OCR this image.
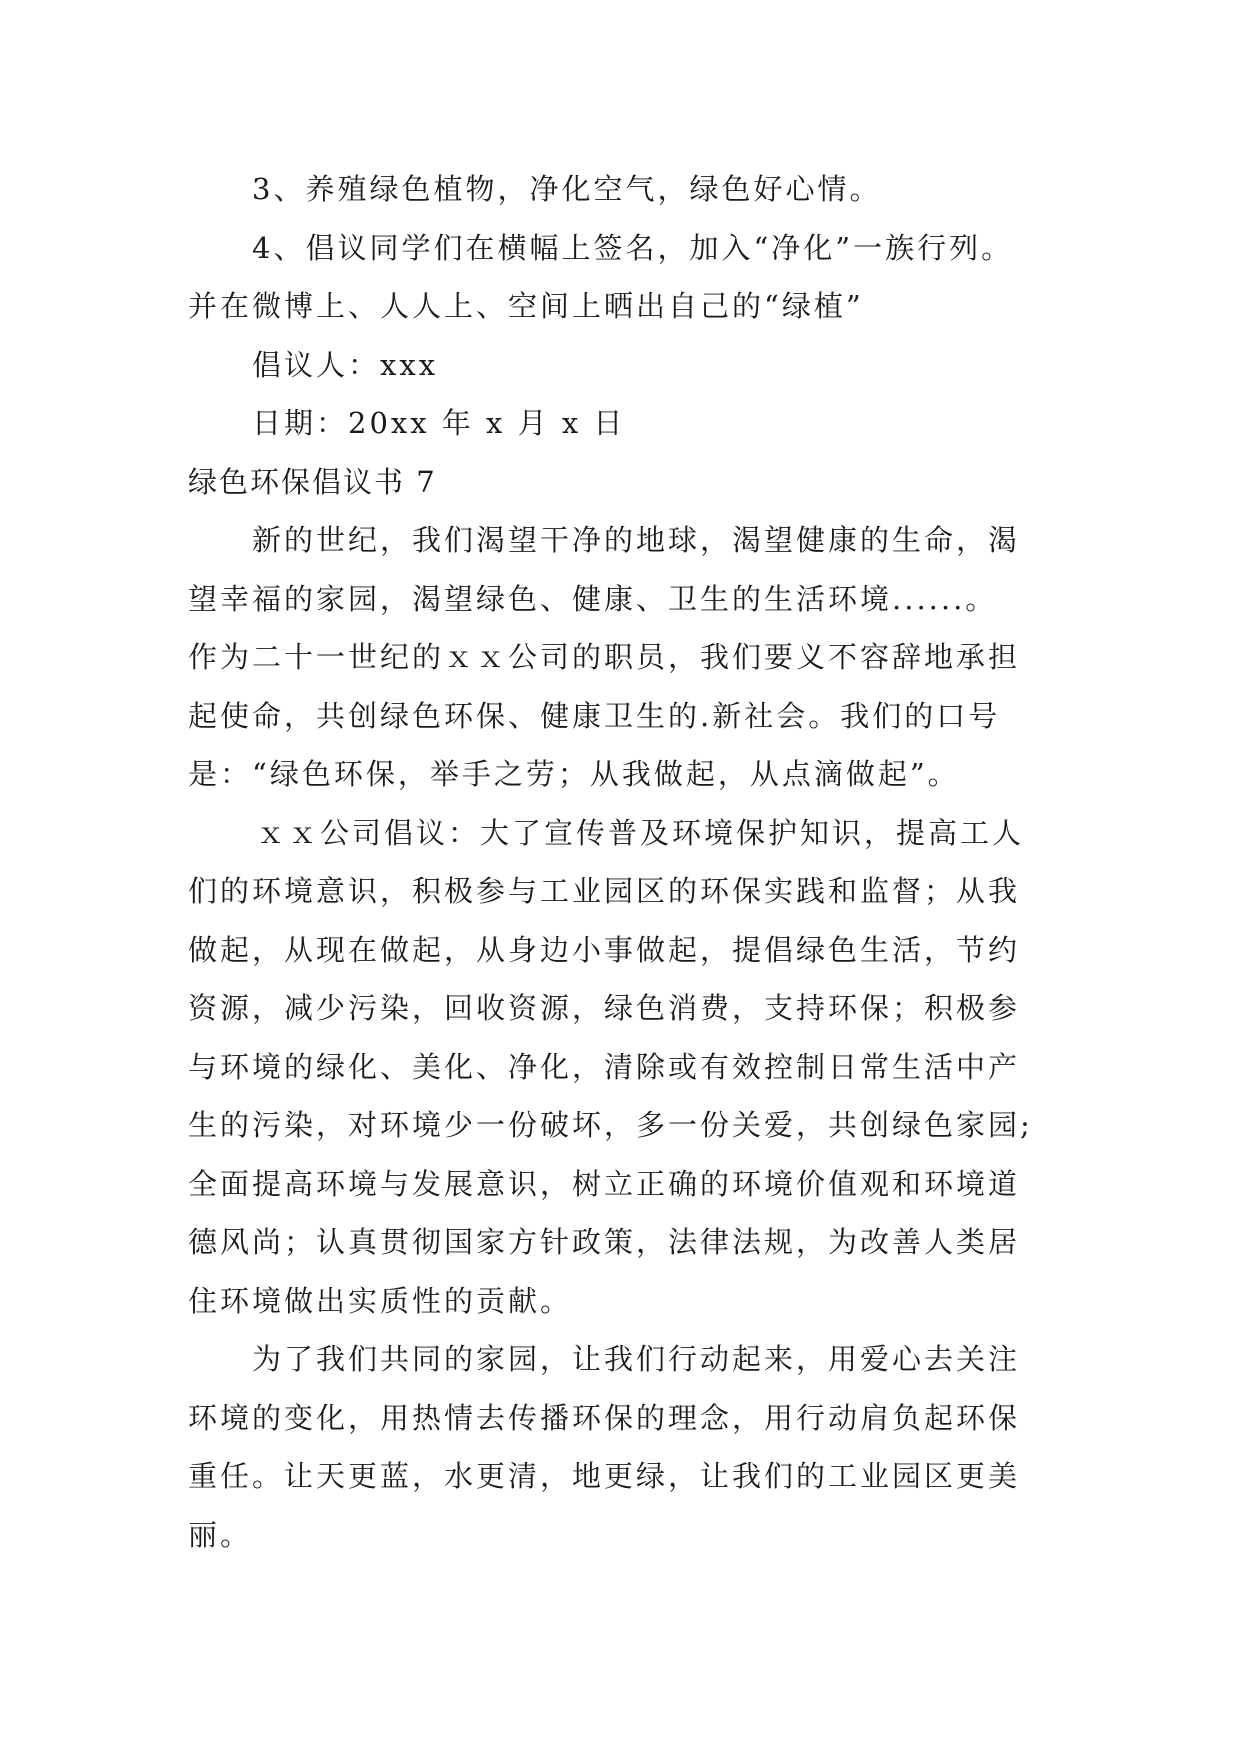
3、养殖绿色植物，净化空气，绿色好心情。
4、倡议同学们在横幅上签名，加入“净化”一族行列。
并在微博上、人人上、空间上晒出自己的“绿植”
倡议人：xxx
日期：20xx 年 x 月 x 日
绿色环保倡议书 7
新的世纪，我们渴望干净的地球，渴望健康的生命，渴
望幸福的家园，渴望绿色、健康、卫生的生活环境......。
作为二十一世纪的ｘｘ公司的职员，我们要义不容辞地承担
起使命，共创绿色环保、健康卫生的.新社会。我们的口号
是：“绿色环保，举手之劳；从我做起，从点滴做起”。
ｘｘ公司倡议：大了宣传普及环境保护知识，提高工人
们的环境意识，积极参与工业园区的环保实践和监督；从我
做起，从现在做起，从身边小事做起，提倡绿色生活，节约
资源，减少污染，回收资源，绿色消费，支持环保；积极参
与环境的绿化、美化、净化，清除或有效控制日常生活中产
生的污染，对环境少一份破坏，多一份关爱，共创绿色家园;
全面提高环境与发展意识，树立正确的环境价值观和环境道
德风尚；认真贯彻国家方针政策，法律法规，为改善人类居
住环境做出实质性的贡献。
为了我们共同的家园，让我们行动起来，用爱心去关注
环境的变化，用热情去传播环保的理念，用行动肩负起环保
重任。让天更蓝，水更清，地更绿，让我们的工业园区更美
丽。
